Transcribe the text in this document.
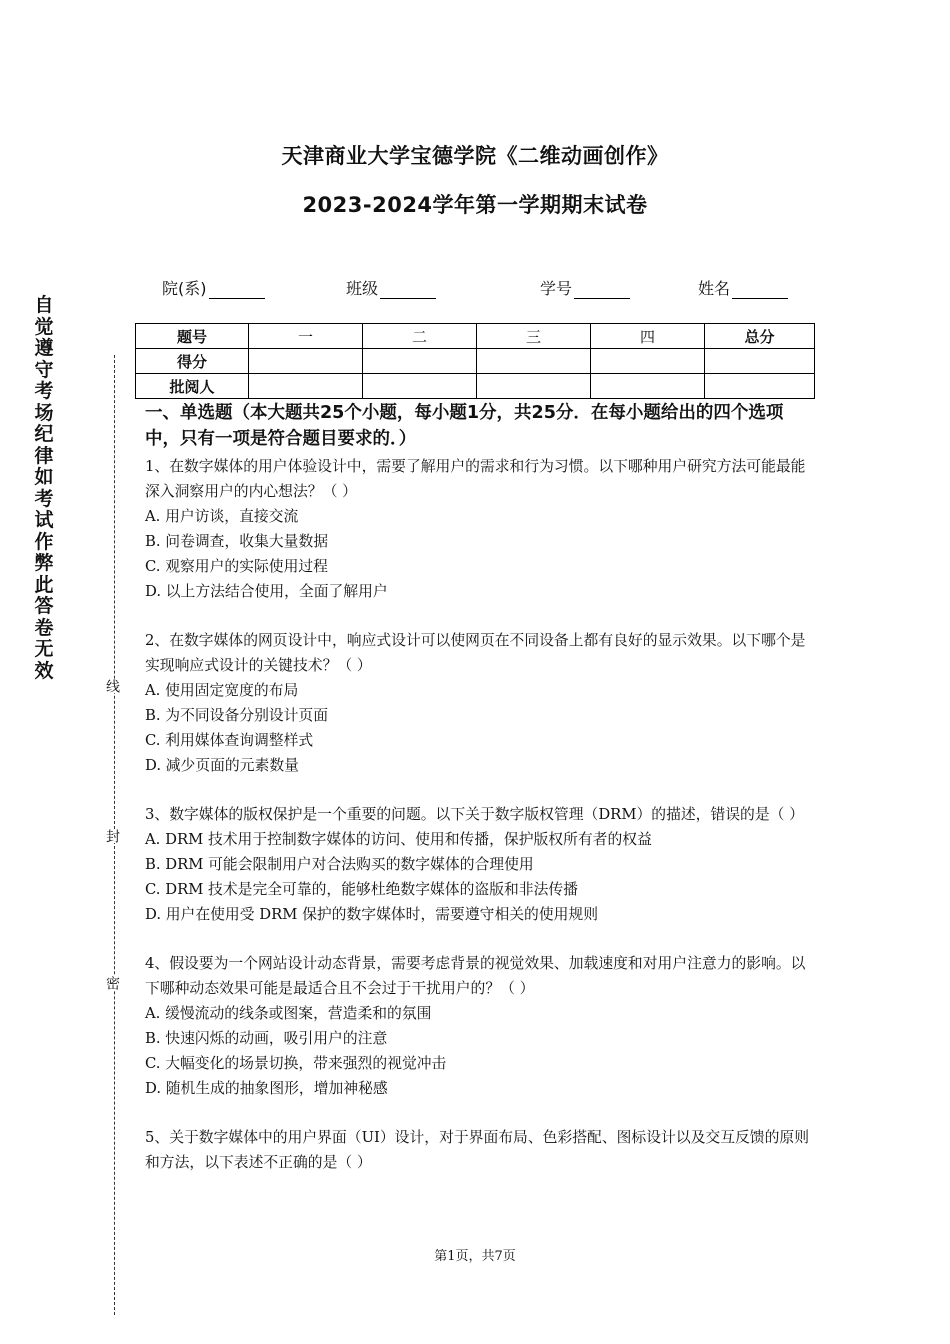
天津商业大学宝德学院《二维动画创作》
2023-2024学年第一学期期末试卷
院(系)	班级	学号	姓名
题号	一	二	三	四	总分
得分					
批阅人					
自觉遵守考场纪律如考试作弊此答卷无效
线
封
密
一、单选题（本大题共25个小题，每小题1分，共25分．在每小题给出的四个选项中，只有一项是符合题目要求的．）

1、在数字媒体的用户体验设计中，需要了解用户的需求和行为习惯。以下哪种用户研究方法可能最能深入洞察用户的内心想法？（ ）

A. 用户访谈，直接交流

B. 问卷调查，收集大量数据

C. 观察用户的实际使用过程

D. 以上方法结合使用，全面了解用户

2、在数字媒体的网页设计中，响应式设计可以使网页在不同设备上都有良好的显示效果。以下哪个是实现响应式设计的关键技术？（ ）

A. 使用固定宽度的布局

B. 为不同设备分别设计页面

C. 利用媒体查询调整样式

D. 减少页面的元素数量

3、数字媒体的版权保护是一个重要的问题。以下关于数字版权管理（DRM）的描述，错误的是（ ）

A. DRM 技术用于控制数字媒体的访问、使用和传播，保护版权所有者的权益

B. DRM 可能会限制用户对合法购买的数字媒体的合理使用

C. DRM 技术是完全可靠的，能够杜绝数字媒体的盗版和非法传播

D. 用户在使用受 DRM 保护的数字媒体时，需要遵守相关的使用规则

4、假设要为一个网站设计动态背景，需要考虑背景的视觉效果、加载速度和对用户注意力的影响。以下哪种动态效果可能是最适合且不会过于干扰用户的？（ ）

A. 缓慢流动的线条或图案，营造柔和的氛围

B. 快速闪烁的动画，吸引用户的注意

C. 大幅变化的场景切换，带来强烈的视觉冲击

D. 随机生成的抽象图形，增加神秘感

5、关于数字媒体中的用户界面（UI）设计，对于界面布局、色彩搭配、图标设计以及交互反馈的原则和方法，以下表述不正确的是（ ）

第1页，共7页
